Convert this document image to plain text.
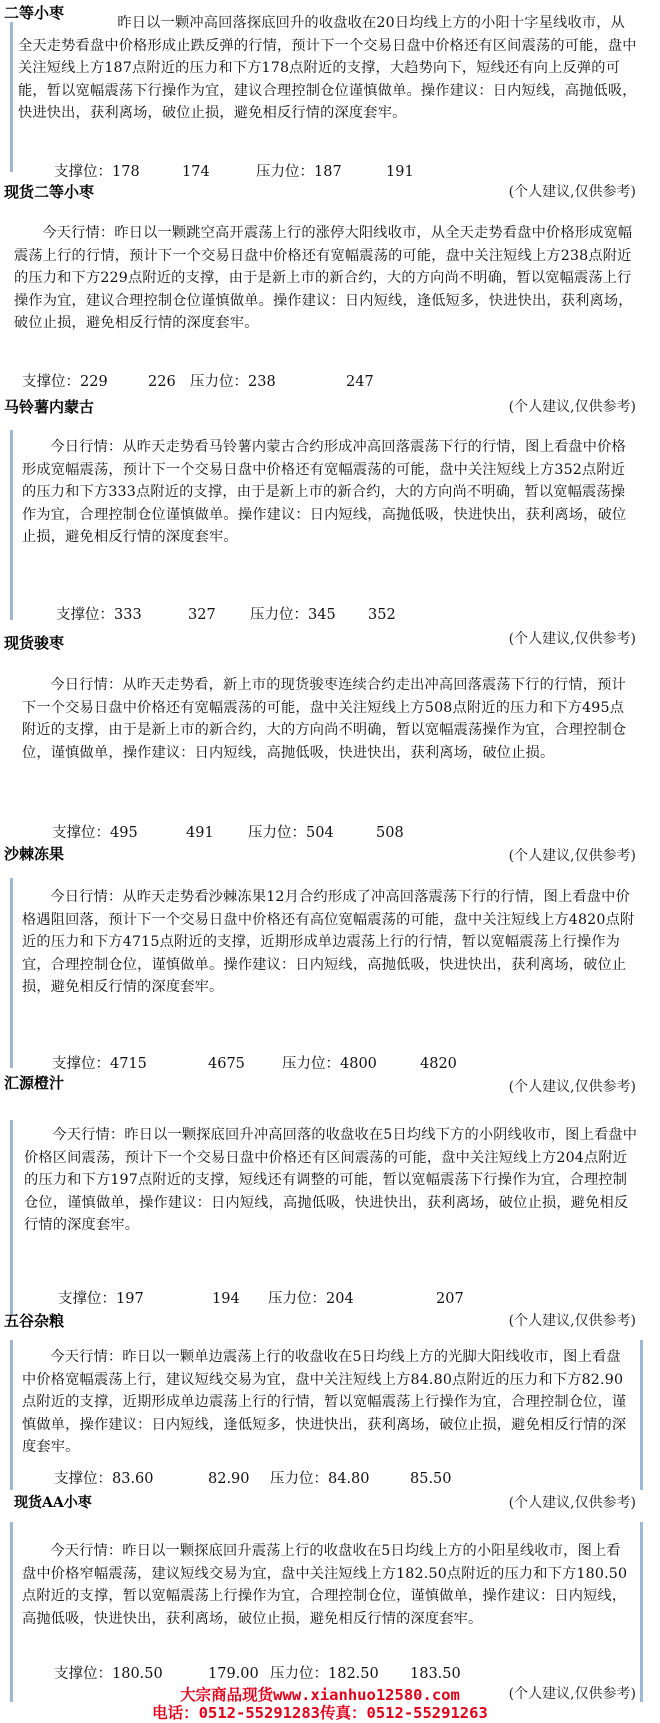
二等小枣
昨日以一颗冲高回落探底回升的收盘收在20日均线上方的小阳十字星线收市，从全天走势看盘中价格形成止跌反弹的行情，预计下一个交易日盘中价格还有区间震荡的可能，盘中关注短线上方187点附近的压力和下方178点附近的支撑，大趋势向下，短线还有向上反弹的可能，暂以宽幅震荡下行操作为宜，建议合理控制仓位谨慎做单。操作建议：日内短线，高抛低吸，快进快出，获利离场，破位止损，避免相反行情的深度套牢。
支撑位：178	174	压力位：187	191
现货二等小枣	(个人建议,仅供参考)
今天行情：昨日以一颗跳空高开震荡上行的涨停大阳线收市，从全天走势看盘中价格形成宽幅震荡上行的行情，预计下一个交易日盘中价格还有宽幅震荡的可能，盘中关注短线上方238点附近的压力和下方229点附近的支撑，由于是新上市的新合约，大的方向尚不明确，暂以宽幅震荡上行操作为宜，建议合理控制仓位谨慎做单。操作建议：日内短线，逢低短多，快进快出，获利离场，破位止损，避免相反行情的深度套牢。
支撑位：229	226 压力位：238	247
马铃薯内蒙古	(个人建议,仅供参考)
今日行情：从昨天走势看马铃薯内蒙古合约形成冲高回落震荡下行的行情，图上看盘中价格形成宽幅震荡，预计下一个交易日盘中价格还有宽幅震荡的可能，盘中关注短线上方352点附近的压力和下方333点附近的支撑，由于是新上市的新合约，大的方向尚不明确，暂以宽幅震荡操作为宜，合理控制仓位谨慎做单。操作建议：日内短线，高抛低吸，快进快出，获利离场，破位止损，避免相反行情的深度套牢。
支撑位：333	327 压力位：345 352
现货骏枣	(个人建议,仅供参考)
今日行情：从昨天走势看，新上市的现货骏枣连续合约走出冲高回落震荡下行的行情，预计下一个交易日盘中价格还有宽幅震荡的可能，盘中关注短线上方508点附近的压力和下方495点附近的支撑，由于是新上市的新合约，大的方向尚不明确，暂以宽幅震荡操作为宜，合理控制仓位，谨慎做单，操作建议：日内短线，高抛低吸，快进快出，获利离场，破位止损。
支撑位：495	491 压力位：504	508
沙棘冻果	(个人建议,仅供参考)
今日行情：从昨天走势看沙棘冻果12月合约形成了冲高回落震荡下行的行情，图上看盘中价格遇阻回落，预计下一个交易日盘中价格还有高位宽幅震荡的可能，盘中关注短线上方4820点附近的压力和下方4715点附近的支撑，近期形成单边震荡上行的行情，暂以宽幅震荡上行操作为宜，合理控制仓位，谨慎做单。操作建议：日内短线，高抛低吸，快进快出，获利离场，破位止损，避免相反行情的深度套牢。
支撑位：4715	4675	压力位：4800	4820
汇源橙汁	(个人建议,仅供参考)
今天行情：昨日以一颗探底回升冲高回落的收盘收在5日均线下方的小阴线收市，图上看盘中价格区间震荡，预计下一个交易日盘中价格还有区间震荡的可能，盘中关注短线上方204点附近的压力和下方197点附近的支撑，短线还有调整的可能，暂以宽幅震荡下行操作为宜，合理控制仓位，谨慎做单，操作建议：日内短线，高抛低吸，快进快出，获利离场，破位止损，避免相反行情的深度套牢。
支撑位：197	194 压力位：204	207
(个人建议,仅供参考)
五谷杂粮
今天行情：昨日以一颗单边震荡上行的收盘收在5日均线上方的光脚大阳线收市，图上看盘中价格宽幅震荡上行，建议短线交易为宜，盘中关注短线上方84.80点附近的压力和下方82.90点附近的支撑，近期形成单边震荡上行的行情，暂以宽幅震荡上行操作为宜，合理控制仓位，谨慎做单，操作建议：日内短线，逢低短多，快进快出，获利离场，破位止损，避免相反行情的深度套牢。
支撑位：83.60	82.90 压力位：84.80	85.50
现货AA小枣	(个人建议,仅供参考)
今天行情：昨日以一颗探底回升震荡上行的收盘收在5日均线上方的小阳星线收市，图上看盘中价格窄幅震荡，建议短线交易为宜，盘中关注短线上方182.50点附近的压力和下方180.50点附近的支撑，暂以宽幅震荡上行操作为宜，合理控制仓位，谨慎做单，操作建议：日内短线，高抛低吸，快进快出，获利离场，破位止损，避免相反行情的深度套牢。
支撑位：180.50	179.00 压力位：182.50 183.50
(个人建议,仅供参考)
大宗商品现货www.xianhuo12580.com
电话：0512-55291283传真：0512-55291263
